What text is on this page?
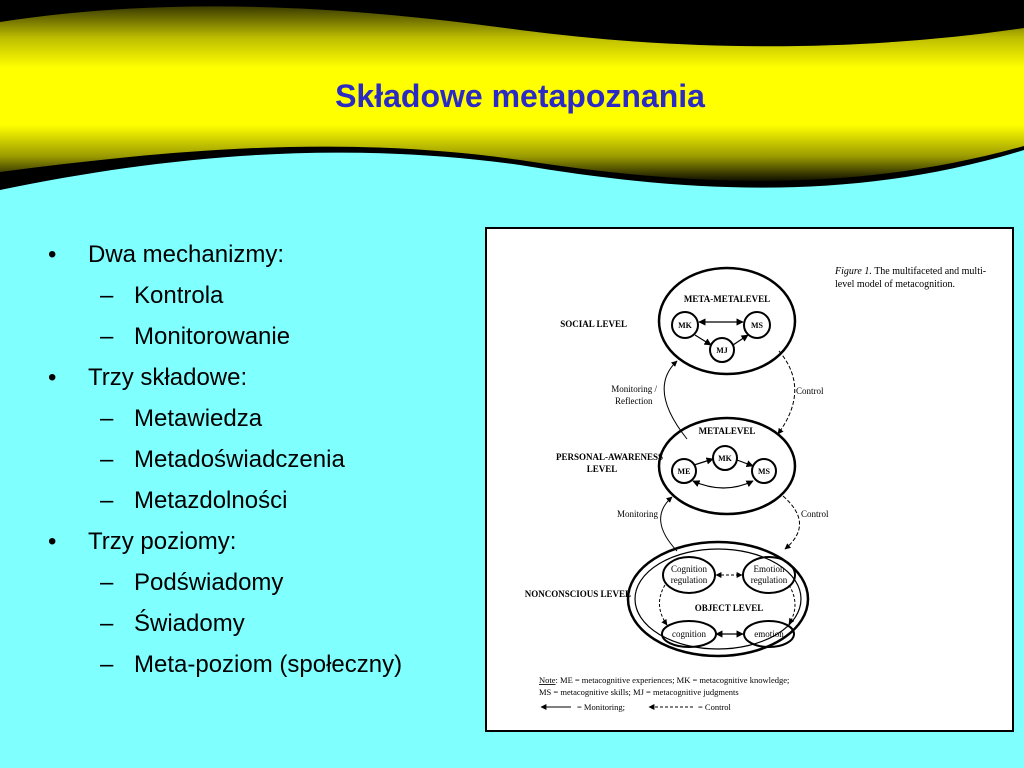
Składowe metapoznania
• Dwa mechanizmy:
– Kontrola
– Monitorowanie
• Trzy składowe:
– Metawiedza
– Metadoświadczenia
– Metazdolności
• Trzy poziomy:
– Podświadomy
– Świadomy
– Meta-poziom (społeczny)
Figure 1. The multifaceted and multi-
level model of metacognition.
META-METALEVEL
MK	MS
MJ
METALEVEL
ME
MK
MS
Cognition
regulation
Emotion
regulation
OBJECT LEVEL
cognition	emotion
SOCIAL LEVEL
PERSONAL-AWARENESS
LEVEL
NONCONSCIOUS LEVEL
Monitoring /
Reflection
Control
Monitoring	Control
Note: ME = metacognitive experiences; MK = metacognitive knowledge;
MS = metacognitive skills; MJ = metacognitive judgments
= Monitoring;	= Control
